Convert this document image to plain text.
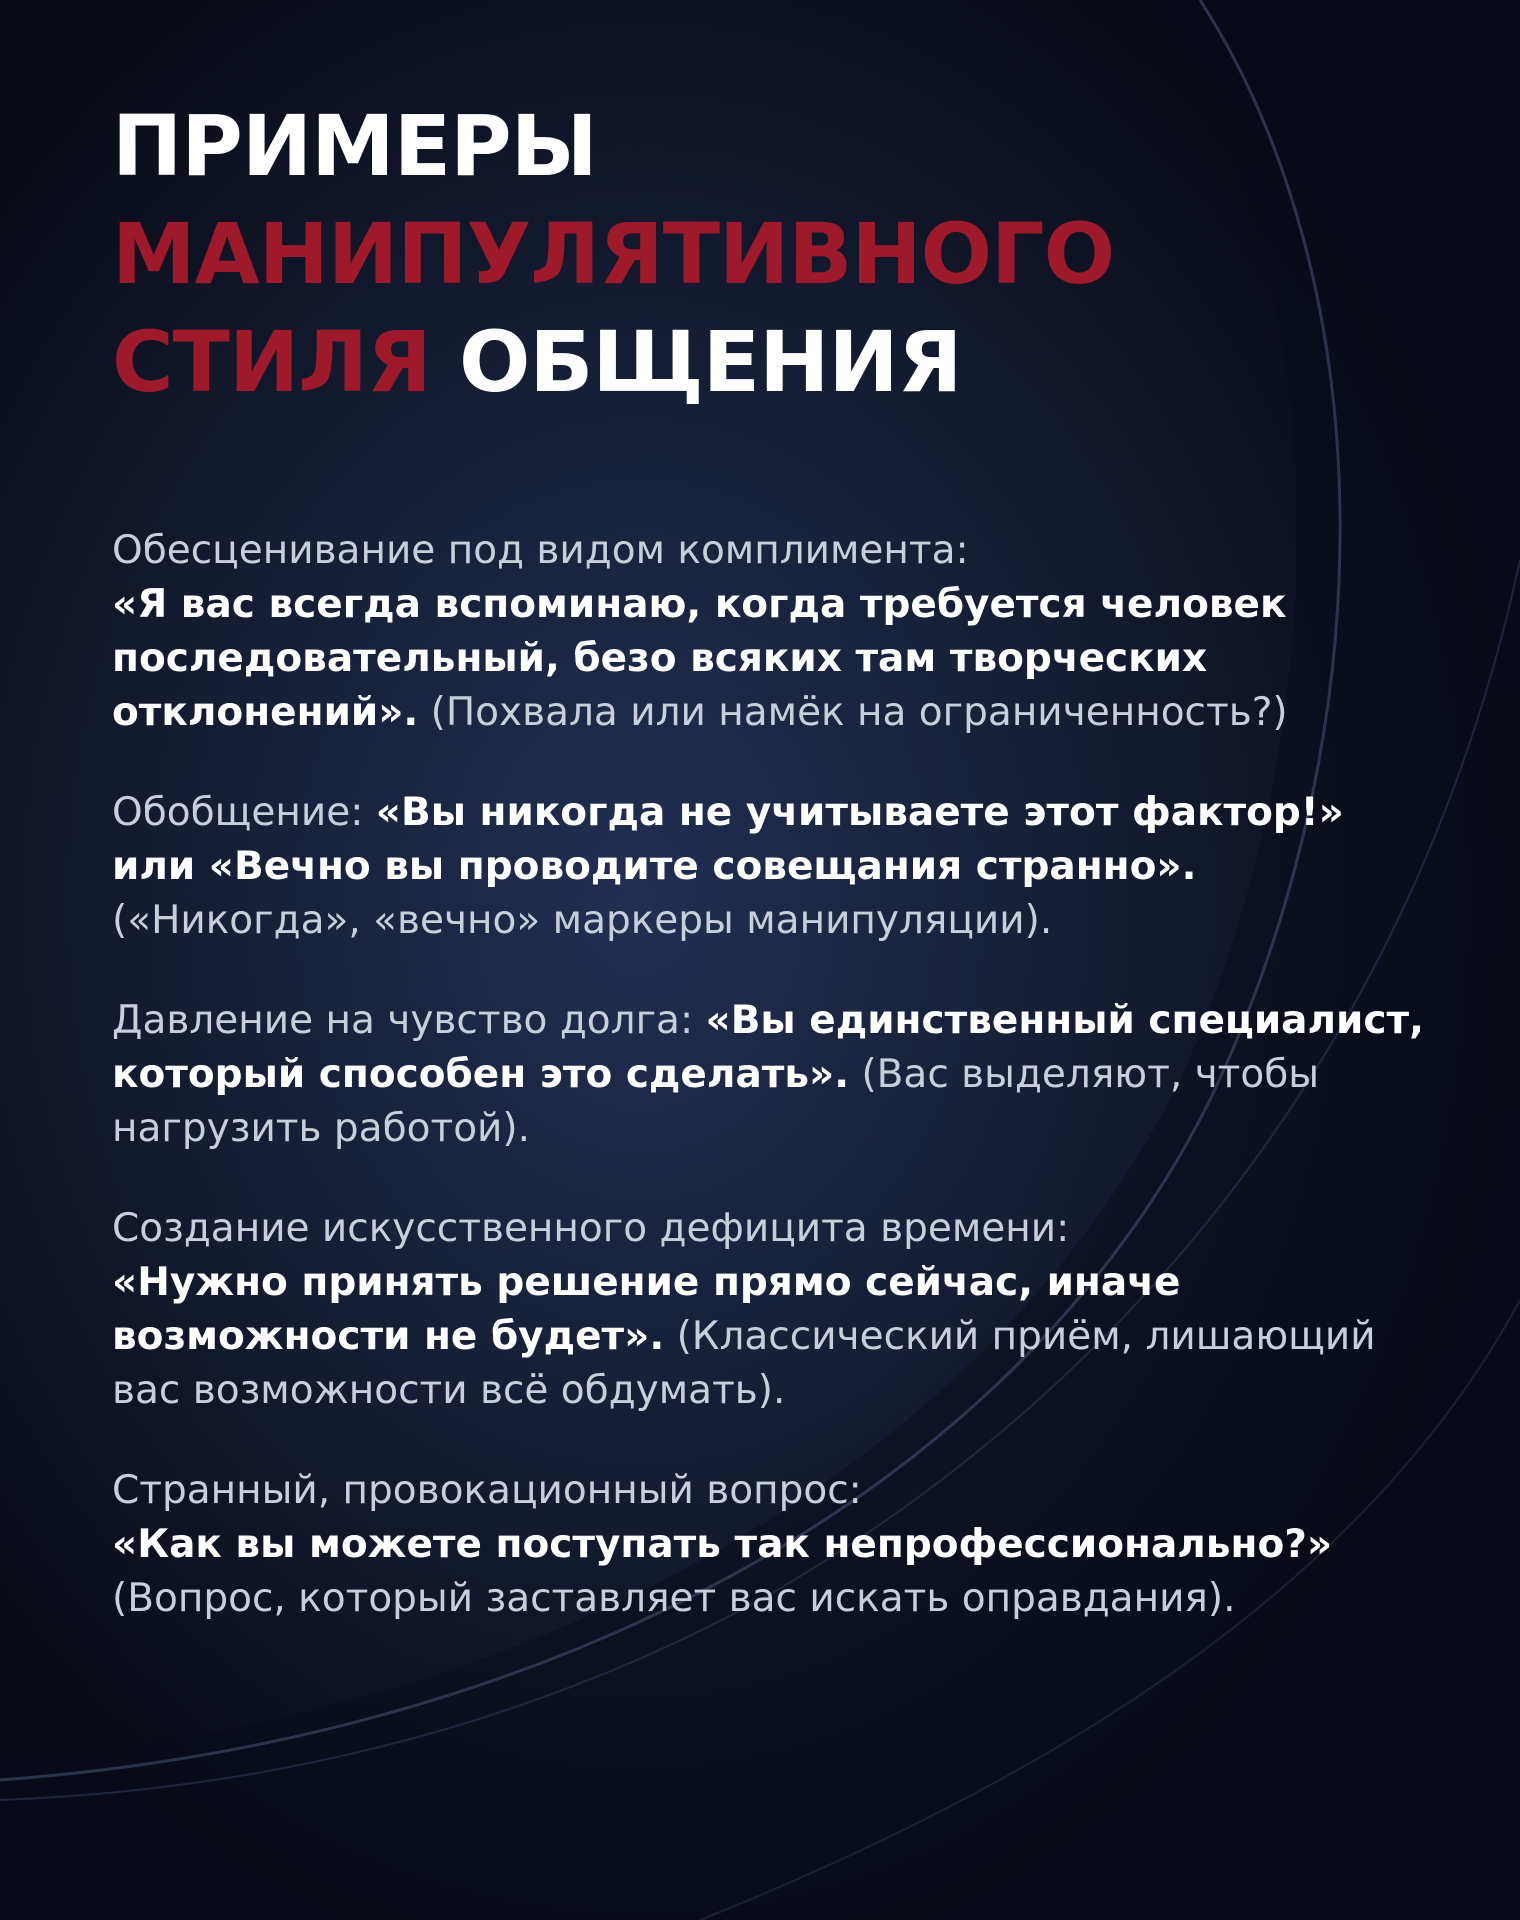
ПРИМЕРЫ
МАНИПУЛЯТИВНОГО
СТИЛЯ ОБЩЕНИЯ

Обесценивание под видом комплимента:
«Я вас всегда вспоминаю, когда требуется человек последовательный, безо всяких там творческих отклонений». (Похвала или намёк на ограниченность?)

Обобщение: «Вы никогда не учитываете этот фактор!» или «Вечно вы проводите совещания странно». («Никогда», «вечно» маркеры манипуляции).

Давление на чувство долга: «Вы единственный специалист, который способен это сделать». (Вас выделяют, чтобы нагрузить работой).

Создание искусственного дефицита времени:
«Нужно принять решение прямо сейчас, иначе возможности не будет». (Классический приём, лишающий вас возможности всё обдумать).

Странный, провокационный вопрос:
«Как вы можете поступать так непрофессионально?»
(Вопрос, который заставляет вас искать оправдания).
